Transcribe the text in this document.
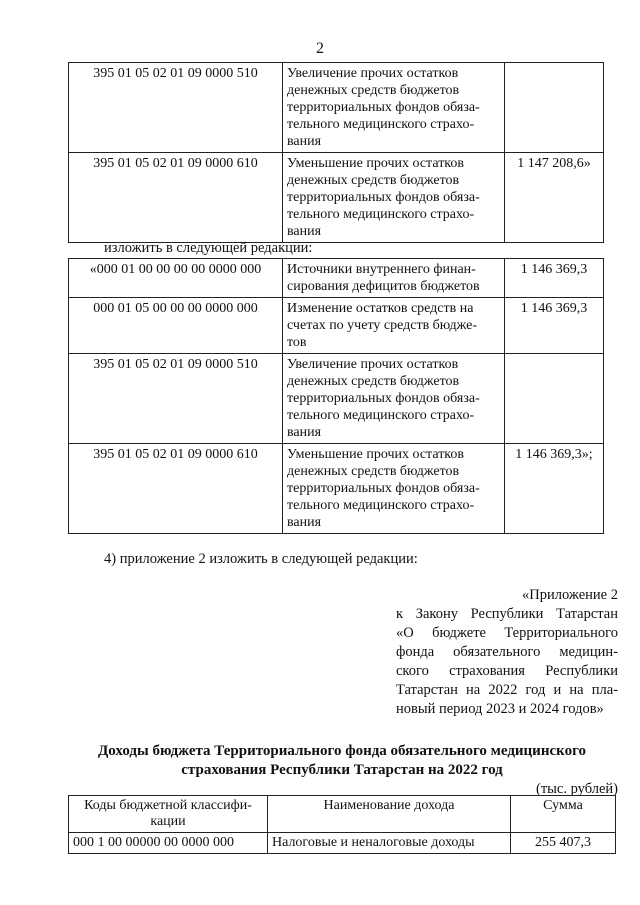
2
395 01 05 02 01 09 0000 510	Увеличение прочих остатков
денежных средств бюджетов
территориальных фондов обяза-
тельного медицинского страхо-
вания	

395 01 05 02 01 09 0000 610	Уменьшение прочих остатков
денежных средств бюджетов
территориальных фондов обяза-
тельного медицинского страхо-
вания	1 147 208,6»
изложить в следующей редакции:
«000 01 00 00 00 00 0000 000	Источники внутреннего финан-
сирования дефицитов бюджетов	1 146 369,3
000 01 05 00 00 00 0000 000	Изменение остатков средств на
счетах по учету средств бюдже-
тов	1 146 369,3
395 01 05 02 01 09 0000 510	Увеличение прочих остатков
денежных средств бюджетов
территориальных фондов обяза-
тельного медицинского страхо-
вания	

395 01 05 02 01 09 0000 610	Уменьшение прочих остатков
денежных средств бюджетов
территориальных фондов обяза-
тельного медицинского страхо-
вания	1 146 369,3»;
4) приложение 2 изложить в следующей редакции:
«Приложение 2
к Закону Республики Татарстан
«О бюджете Территориального
фонда обязательного медицин-
ского страхования Республики
Татарстан на 2022 год и на пла-
новый период 2023 и 2024 годов»
Доходы бюджета Территориального фонда обязательного медицинского
страхования Республики Татарстан на 2022 год
(тыс. рублей)
Коды бюджетной классифи-
кации	Наименование дохода	Сумма
000 1 00 00000 00 0000 000	Налоговые и неналоговые доходы	255 407,3
